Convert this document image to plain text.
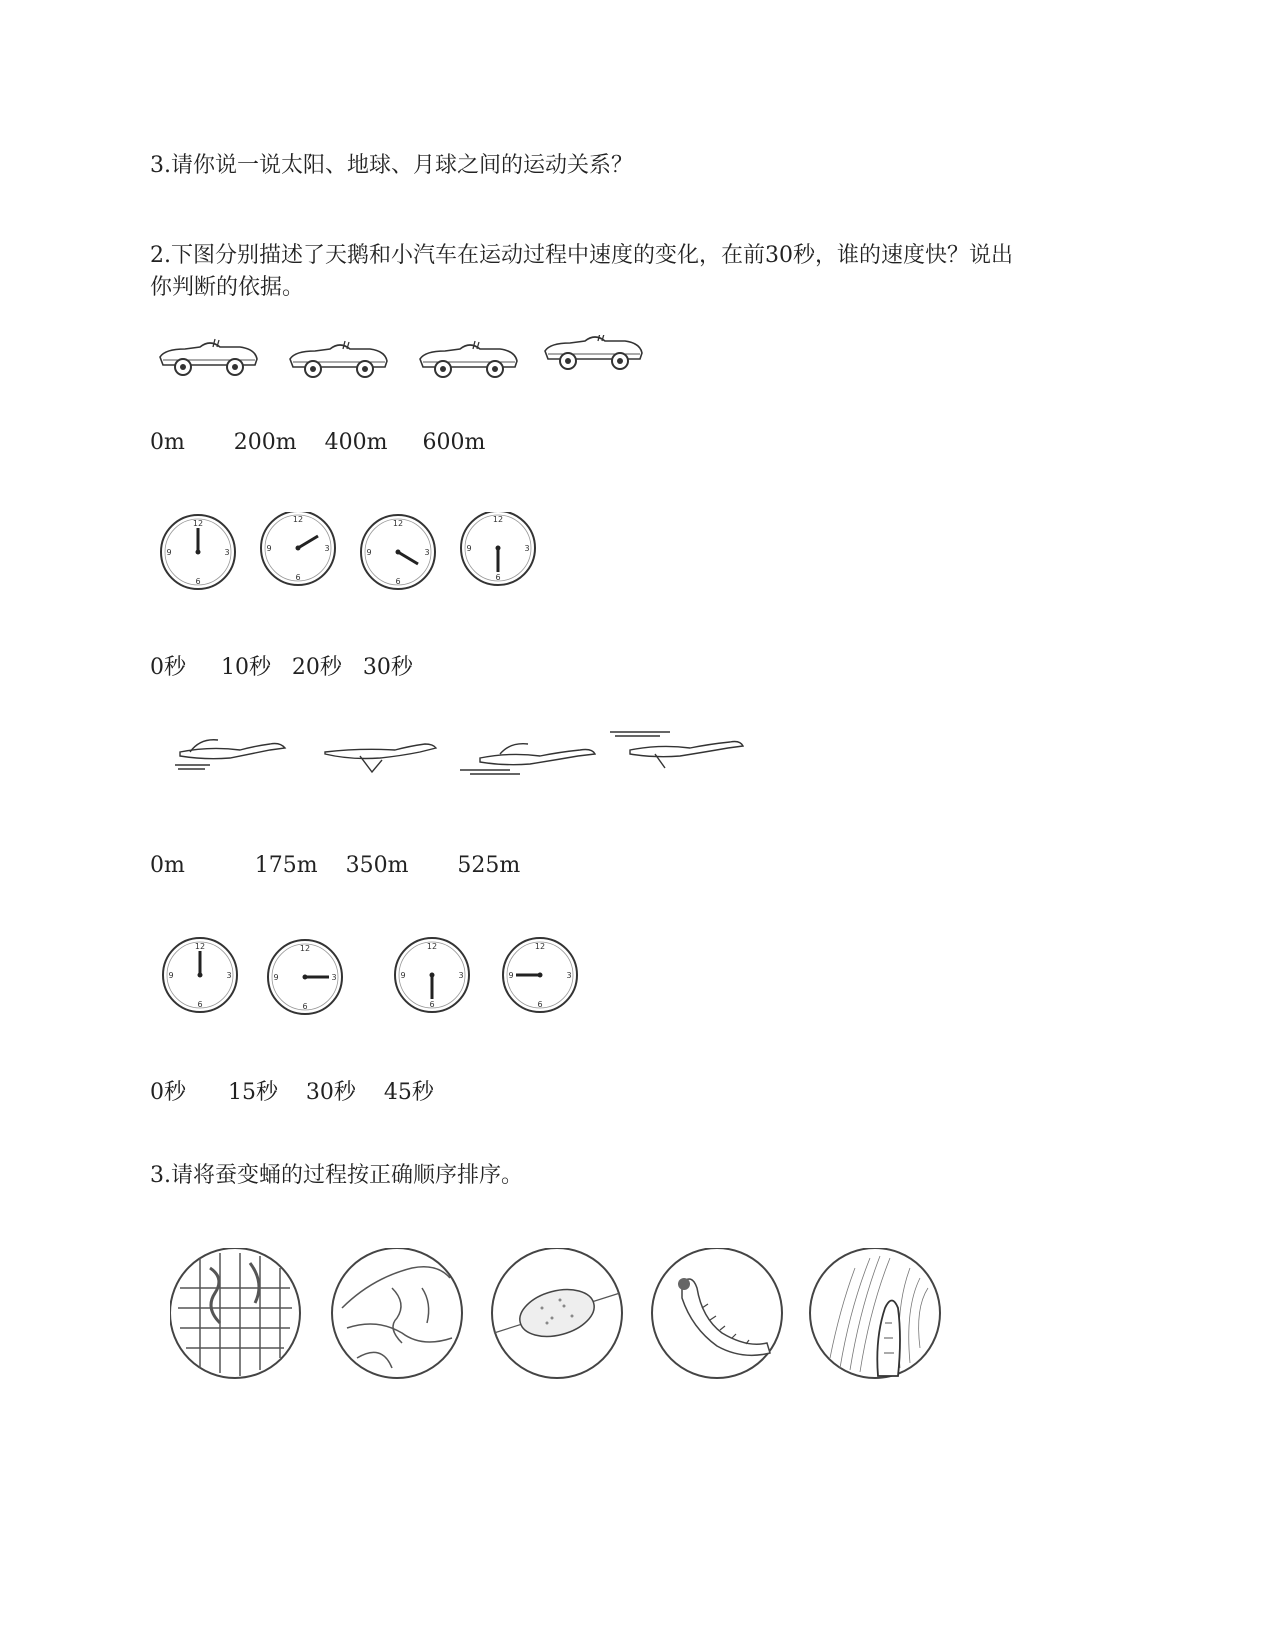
3.请你说一说太阳、地球、月球之间的运动关系？

2.下图分别描述了天鹅和小汽车在运动过程中速度的变化，在前30秒，谁的速度快？说出

你判断的依据。

0m       200m    400m     600m

0秒     10秒   20秒   30秒

0m          175m    350m       525m

0秒      15秒    30秒    45秒

3.请将蚕变蛹的过程按正确顺序排序。
